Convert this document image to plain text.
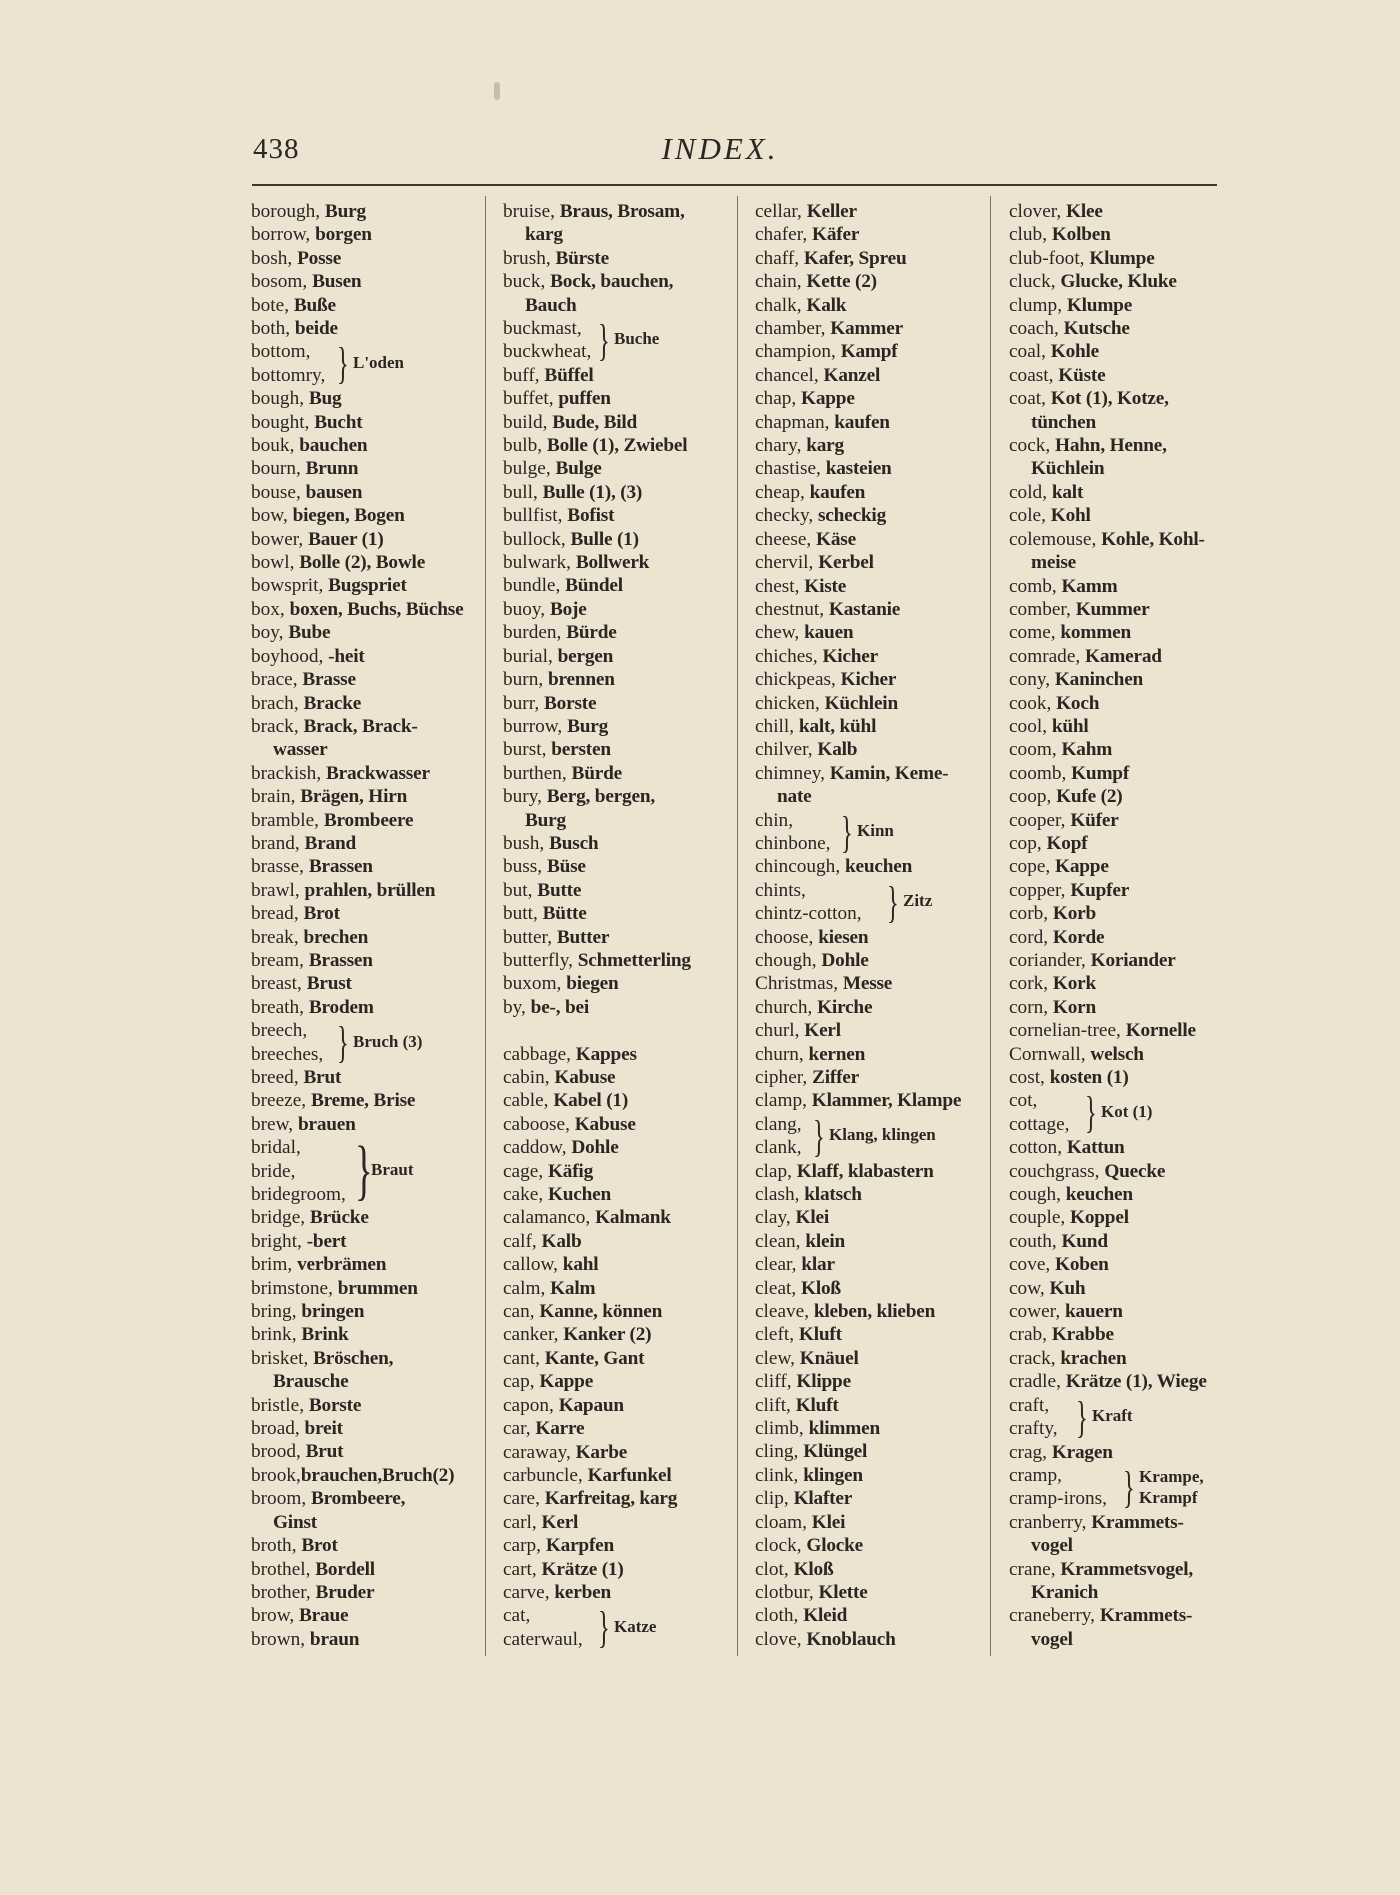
438	INDEX.
borough, Burg
borrow, borgen
bosh, Posse
bosom, Busen
bote, Buße
both, beide
bottom,
bottomry, } L'oden
bough, Bug
bought, Bucht
bouk, bauchen
bourn, Brunn
bouse, bausen
bow, biegen, Bogen
bower, Bauer (1)
bowl, Bolle (2), Bowle
bowsprit, Bugspriet
box, boxen, Buchs, Büchse
boy, Bube
boyhood, -heit
brace, Brasse
brach, Bracke
brack, Brack, Brack-
wasser
brackish, Brackwasser
brain, Brägen, Hirn
bramble, Brombeere
brand, Brand
brasse, Brassen
brawl, prahlen, brüllen
bread, Brot
break, brechen
bream, Brassen
breast, Brust
breath, Brodem
breech,
breeches, } Bruch (3)
breed, Brut
breeze, Breme, Brise
brew, brauen
bridal,
bride,
bridegroom, }
Braut
bridge, Brücke
bright, -bert
brim, verbrämen
brimstone, brummen
bring, bringen
brink, Brink
brisket, Bröschen,
Brausche
bristle, Borste
broad, breit
brood, Brut
brook,brauchen,Bruch(2)
broom, Brombeere,
Ginst
broth, Brot
brothel, Bordell
brother, Bruder
brow, Braue
brown, braun
bruise, Braus, Brosam,
karg
brush, Bürste
buck, Bock, bauchen,
Bauch
buckmast,
buckwheat, } Buche
buff, Büffel
buffet, puffen
build, Bude, Bild
bulb, Bolle (1), Zwiebel
bulge, Bulge
bull, Bulle (1), (3)
bullfist, Bofist
bullock, Bulle (1)
bulwark, Bollwerk
bundle, Bündel
buoy, Boje
burden, Bürde
burial, bergen
burn, brennen
burr, Borste
burrow, Burg
burst, bersten
burthen, Bürde
bury, Berg, bergen,
Burg
bush, Busch
buss, Büse
but, Butte
butt, Bütte
butter, Butter
butterfly, Schmetterling
buxom, biegen
by, be-, bei
cabbage, Kappes
cabin, Kabuse
cable, Kabel (1)
caboose, Kabuse
caddow, Dohle
cage, Käfig
cake, Kuchen
calamanco, Kalmank
calf, Kalb
callow, kahl
calm, Kalm
can, Kanne, können
canker, Kanker (2)
cant, Kante, Gant
cap, Kappe
capon, Kapaun
car, Karre
caraway, Karbe
carbuncle, Karfunkel
care, Karfreitag, karg
carl, Kerl
carp, Karpfen
cart, Krätze (1)
carve, kerben
cat,
caterwaul, } Katze
cellar, Keller
chafer, Käfer
chaff, Kafer, Spreu
chain, Kette (2)
chalk, Kalk
chamber, Kammer
champion, Kampf
chancel, Kanzel
chap, Kappe
chapman, kaufen
chary, karg
chastise, kasteien
cheap, kaufen
checky, scheckig
cheese, Käse
chervil, Kerbel
chest, Kiste
chestnut, Kastanie
chew, kauen
chiches, Kicher
chickpeas, Kicher
chicken, Küchlein
chill, kalt, kühl
chilver, Kalb
chimney, Kamin, Keme-
nate
chin,
chinbone, } Kinn
chincough, keuchen
chints,
chintz-cotton, } Zitz
choose, kiesen
chough, Dohle
Christmas, Messe
church, Kirche
churl, Kerl
churn, kernen
cipher, Ziffer
clamp, Klammer, Klampe
clang,
clank, } Klang, klingen
clap, Klaff, klabastern
clash, klatsch
clay, Klei
clean, klein
clear, klar
cleat, Kloß
cleave, kleben, klieben
cleft, Kluft
clew, Knäuel
cliff, Klippe
clift, Kluft
climb, klimmen
cling, Klüngel
clink, klingen
clip, Klafter
cloam, Klei
clock, Glocke
clot, Kloß
clotbur, Klette
cloth, Kleid
clove, Knoblauch
clover, Klee
club, Kolben
club-foot, Klumpe
cluck, Glucke, Kluke
clump, Klumpe
coach, Kutsche
coal, Kohle
coast, Küste
coat, Kot (1), Kotze,
tünchen
cock, Hahn, Henne,
Küchlein
cold, kalt
cole, Kohl
colemouse, Kohle, Kohl-
meise
comb, Kamm
comber, Kummer
come, kommen
comrade, Kamerad
cony, Kaninchen
cook, Koch
cool, kühl
coom, Kahm
coomb, Kumpf
coop, Kufe (2)
cooper, Küfer
cop, Kopf
cope, Kappe
copper, Kupfer
corb, Korb
cord, Korde
coriander, Koriander
cork, Kork
corn, Korn
cornelian-tree, Kornelle
Cornwall, welsch
cost, kosten (1)
cot,
cottage, } Kot (1)
cotton, Kattun
couchgrass, Quecke
cough, keuchen
couple, Koppel
couth, Kund
cove, Koben
cow, Kuh
cower, kauern
crab, Krabbe
crack, krachen
cradle, Krätze (1), Wiege
craft,
crafty, } Kraft
crag, Kragen
cramp,
cramp-irons, } Krampe, Krampf
cranberry, Krammets-
vogel
crane, Krammetsvogel,
Kranich
craneberry, Krammets-
vogel
